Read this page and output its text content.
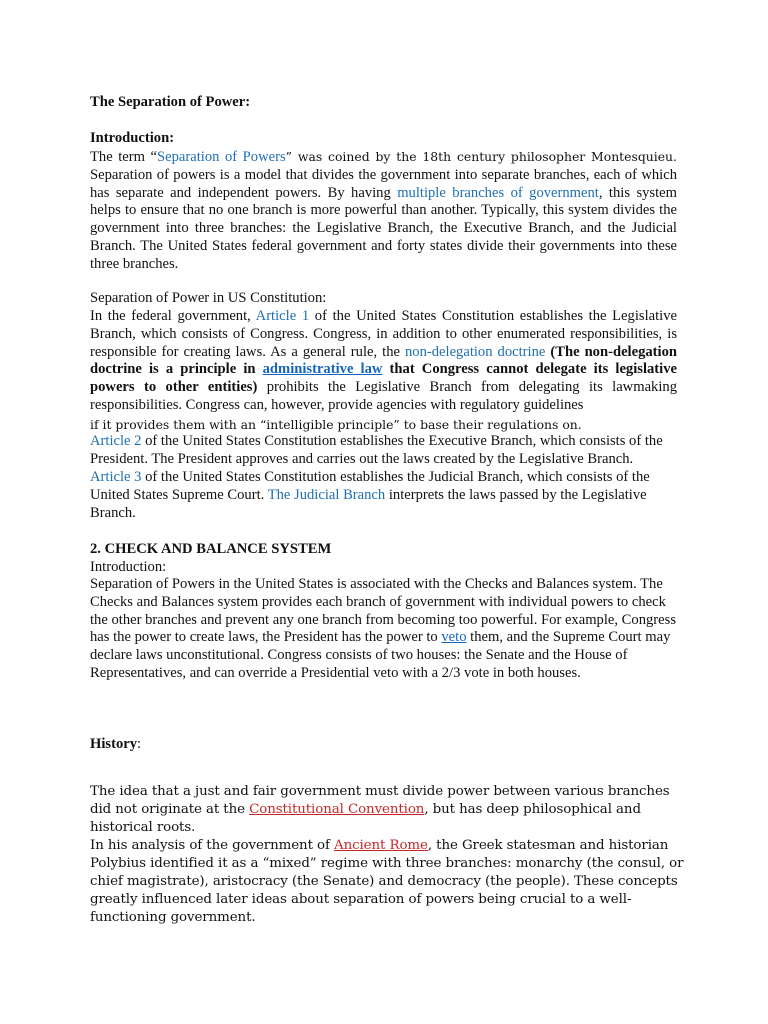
The Separation of Power:

Introduction:

The term “Separation of Powers” was coined by the 18th century philosopher Montesquieu. Separation of powers is a model that divides the government into separate branches, each of which has separate and independent powers. By having multiple branches of government, this system helps to ensure that no one branch is more powerful than another. Typically, this system divides the government into three branches: the Legislative Branch, the Executive Branch, and the Judicial Branch. The United States federal government and forty states divide their governments into these three branches.

Separation of Power in US Constitution:

In the federal government, Article 1 of the United States Constitution establishes the Legislative Branch, which consists of Congress. Congress, in addition to other enumerated responsibilities, is responsible for creating laws. As a general rule, the non-delegation doctrine (The non-delegation doctrine is a principle in administrative law that Congress cannot delegate its legislative powers to other entities) prohibits the Legislative Branch from delegating its lawmaking responsibilities. Congress can, however, provide agencies with regulatory guidelines

if it provides them with an “intelligible principle” to base their regulations on.

Article 2 of the United States Constitution establishes the Executive Branch, which consists of the President. The President approves and carries out the laws created by the Legislative Branch.

Article 3 of the United States Constitution establishes the Judicial Branch, which consists of the United States Supreme Court. The Judicial Branch interprets the laws passed by the Legislative Branch.

2. CHECK AND BALANCE SYSTEM

Introduction:

Separation of Powers in the United States is associated with the Checks and Balances system. The Checks and Balances system provides each branch of government with individual powers to check the other branches and prevent any one branch from becoming too powerful. For example, Congress has the power to create laws, the President has the power to veto them, and the Supreme Court may declare laws unconstitutional. Congress consists of two houses: the Senate and the House of Representatives, and can override a Presidential veto with a 2/3 vote in both houses.

History:

The idea that a just and fair government must divide power between various branches did not originate at the Constitutional Convention, but has deep philosophical and historical roots.

In his analysis of the government of Ancient Rome, the Greek statesman and historian Polybius identified it as a “mixed” regime with three branches: monarchy (the consul, or chief magistrate), aristocracy (the Senate) and democracy (the people). These concepts greatly influenced later ideas about separation of powers being crucial to a well-functioning government.
